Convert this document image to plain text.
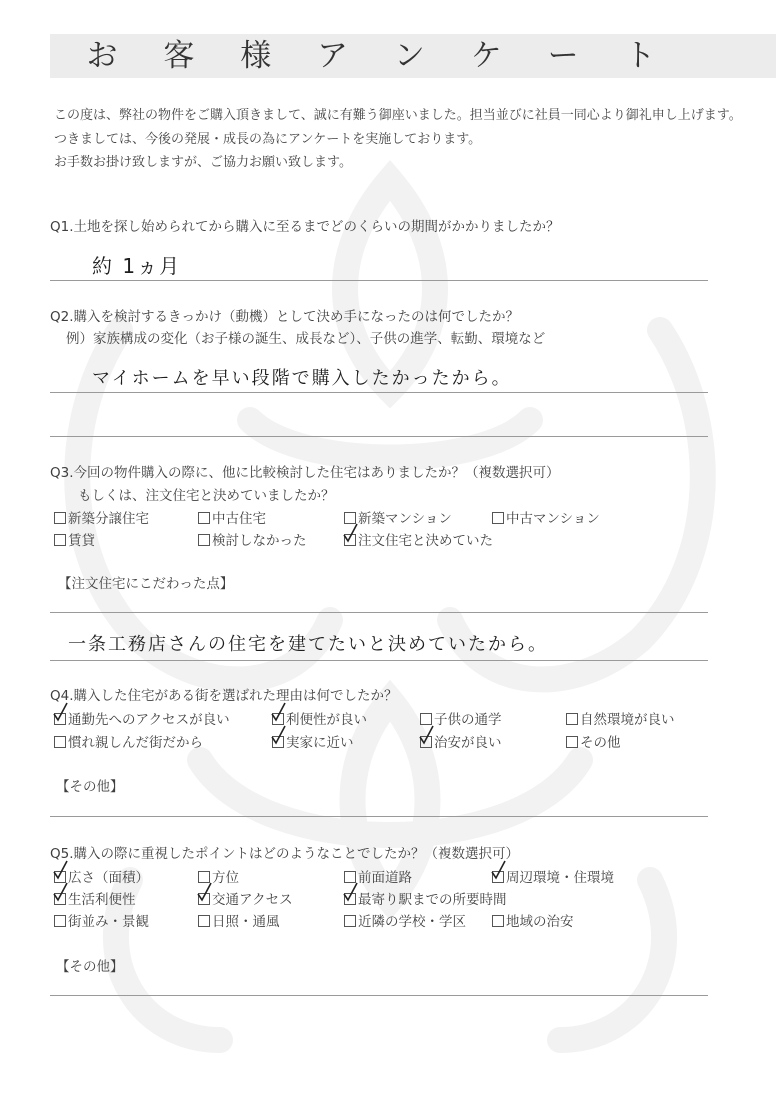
お 客 様 ア ン ケ ー ト
この度は、弊社の物件をご購入頂きまして、誠に有難う御座いました。担当並びに社員一同心より御礼申し上げます。
つきましては、今後の発展・成長の為にアンケートを実施しております。
お手数お掛け致しますが、ご協力お願い致します。
Q1.土地を探し始められてから購入に至るまでどのくらいの期間がかかりましたか？
約 1ヵ月
Q2.購入を検討するきっかけ（動機）として決め手になったのは何でしたか？
例）家族構成の変化（お子様の誕生、成長など）、子供の進学、転勤、環境など
マイホームを早い段階で購入したかったから。
Q3.今回の物件購入の際に、他に比較検討した住宅はありましたか？（複数選択可）
もしくは、注文住宅と決めていましたか？
新築分譲住宅	中古住宅	新築マンション	中古マンション
賃貸	検討しなかった	注文住宅と決めていた
【注文住宅にこだわった点】
一条工務店さんの住宅を建てたいと決めていたから。
Q4.購入した住宅がある街を選ばれた理由は何でしたか？
通勤先へのアクセスが良い	利便性が良い	子供の通学	自然環境が良い
慣れ親しんだ街だから	実家に近い	治安が良い	その他
【その他】
Q5.購入の際に重視したポイントはどのようなことでしたか？（複数選択可）
広さ（面積）	方位	前面道路	周辺環境・住環境
生活利便性	交通アクセス	最寄り駅までの所要時間
街並み・景観	日照・通風	近隣の学校・学区	地域の治安
【その他】
